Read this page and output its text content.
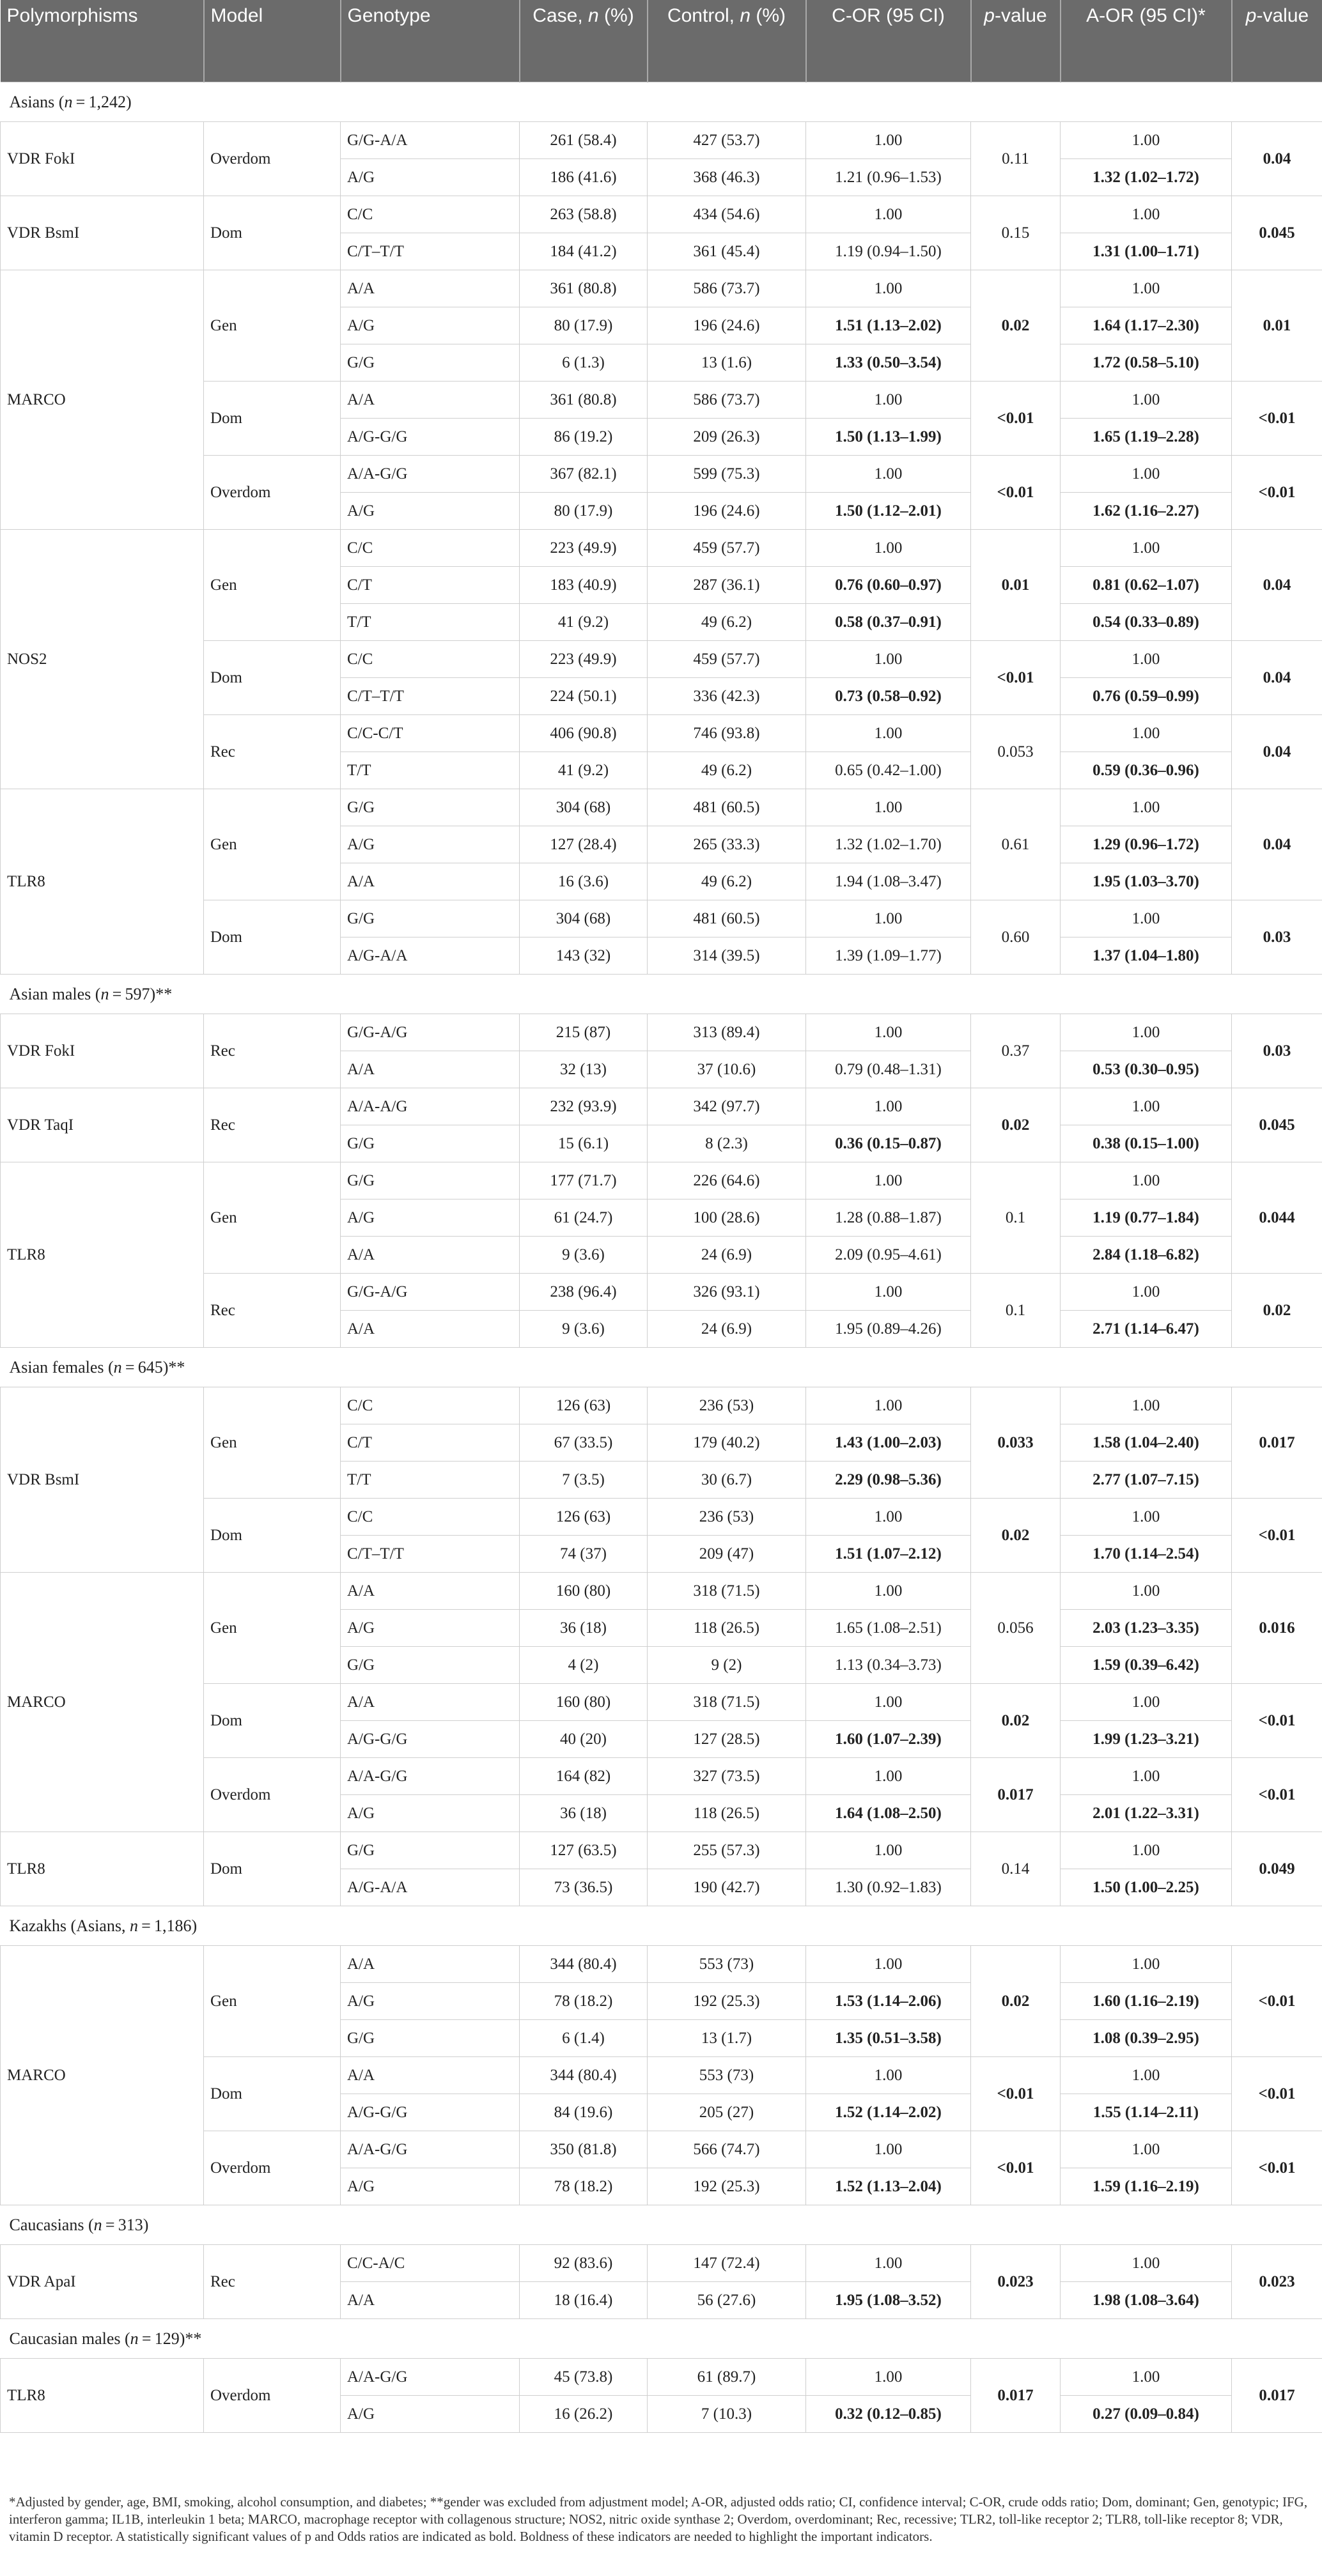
Polymorphisms	Model	Genotype	Case, n (%)	Control, n (%)	C-OR (95 CI)	p-value	A-OR (95 CI)*	p-value
Asians (n = 1,242)								
VDR FokI	Overdom	G/G-A/A	261 (58.4)	427 (53.7)	1.00	0.11	1.00	0.04
		A/G	186 (41.6)	368 (46.3)	1.21 (0.96–1.53)		1.32 (1.02–1.72)	
VDR BsmI	Dom	C/C	263 (58.8)	434 (54.6)	1.00	0.15	1.00	0.045
		C/T–T/T	184 (41.2)	361 (45.4)	1.19 (0.94–1.50)		1.31 (1.00–1.71)	
MARCO	Gen	A/A	361 (80.8)	586 (73.7)	1.00	0.02	1.00	0.01
		A/G	80 (17.9)	196 (24.6)	1.51 (1.13–2.02)		1.64 (1.17–2.30)	
		G/G	6 (1.3)	13 (1.6)	1.33 (0.50–3.54)		1.72 (0.58–5.10)	
	Dom	A/A	361 (80.8)	586 (73.7)	1.00	<0.01	1.00	<0.01
		A/G-G/G	86 (19.2)	209 (26.3)	1.50 (1.13–1.99)		1.65 (1.19–2.28)	
	Overdom	A/A-G/G	367 (82.1)	599 (75.3)	1.00	<0.01	1.00	<0.01
		A/G	80 (17.9)	196 (24.6)	1.50 (1.12–2.01)		1.62 (1.16–2.27)	
NOS2	Gen	C/C	223 (49.9)	459 (57.7)	1.00	0.01	1.00	0.04
		C/T	183 (40.9)	287 (36.1)	0.76 (0.60–0.97)		0.81 (0.62–1.07)	
		T/T	41 (9.2)	49 (6.2)	0.58 (0.37–0.91)		0.54 (0.33–0.89)	
	Dom	C/C	223 (49.9)	459 (57.7)	1.00	<0.01	1.00	0.04
		C/T–T/T	224 (50.1)	336 (42.3)	0.73 (0.58–0.92)		0.76 (0.59–0.99)	
	Rec	C/C-C/T	406 (90.8)	746 (93.8)	1.00	0.053	1.00	0.04
		T/T	41 (9.2)	49 (6.2)	0.65 (0.42–1.00)		0.59 (0.36–0.96)	
TLR8	Gen	G/G	304 (68)	481 (60.5)	1.00	0.61	1.00	0.04
		A/G	127 (28.4)	265 (33.3)	1.32 (1.02–1.70)		1.29 (0.96–1.72)	
		A/A	16 (3.6)	49 (6.2)	1.94 (1.08–3.47)		1.95 (1.03–3.70)	
	Dom	G/G	304 (68)	481 (60.5)	1.00	0.60	1.00	0.03
		A/G-A/A	143 (32)	314 (39.5)	1.39 (1.09–1.77)		1.37 (1.04–1.80)	
Asian males (n = 597)**								
VDR FokI	Rec	G/G-A/G	215 (87)	313 (89.4)	1.00	0.37	1.00	0.03
		A/A	32 (13)	37 (10.6)	0.79 (0.48–1.31)		0.53 (0.30–0.95)	
VDR TaqI	Rec	A/A-A/G	232 (93.9)	342 (97.7)	1.00	0.02	1.00	0.045
		G/G	15 (6.1)	8 (2.3)	0.36 (0.15–0.87)		0.38 (0.15–1.00)	
TLR8	Gen	G/G	177 (71.7)	226 (64.6)	1.00	0.1	1.00	0.044
		A/G	61 (24.7)	100 (28.6)	1.28 (0.88–1.87)		1.19 (0.77–1.84)	
		A/A	9 (3.6)	24 (6.9)	2.09 (0.95–4.61)		2.84 (1.18–6.82)	
	Rec	G/G-A/G	238 (96.4)	326 (93.1)	1.00	0.1	1.00	0.02
		A/A	9 (3.6)	24 (6.9)	1.95 (0.89–4.26)		2.71 (1.14–6.47)	
Asian females (n = 645)**								
VDR BsmI	Gen	C/C	126 (63)	236 (53)	1.00	0.033	1.00	0.017
		C/T	67 (33.5)	179 (40.2)	1.43 (1.00–2.03)		1.58 (1.04–2.40)	
		T/T	7 (3.5)	30 (6.7)	2.29 (0.98–5.36)		2.77 (1.07–7.15)	
	Dom	C/C	126 (63)	236 (53)	1.00	0.02	1.00	<0.01
		C/T–T/T	74 (37)	209 (47)	1.51 (1.07–2.12)		1.70 (1.14–2.54)	
MARCO	Gen	A/A	160 (80)	318 (71.5)	1.00	0.056	1.00	0.016
		A/G	36 (18)	118 (26.5)	1.65 (1.08–2.51)		2.03 (1.23–3.35)	
		G/G	4 (2)	9 (2)	1.13 (0.34–3.73)		1.59 (0.39–6.42)	
	Dom	A/A	160 (80)	318 (71.5)	1.00	0.02	1.00	<0.01
		A/G-G/G	40 (20)	127 (28.5)	1.60 (1.07–2.39)		1.99 (1.23–3.21)	
	Overdom	A/A-G/G	164 (82)	327 (73.5)	1.00	0.017	1.00	<0.01
		A/G	36 (18)	118 (26.5)	1.64 (1.08–2.50)		2.01 (1.22–3.31)	
TLR8	Dom	G/G	127 (63.5)	255 (57.3)	1.00	0.14	1.00	0.049
		A/G-A/A	73 (36.5)	190 (42.7)	1.30 (0.92–1.83)		1.50 (1.00–2.25)	
Kazakhs (Asians, n = 1,186)								
MARCO	Gen	A/A	344 (80.4)	553 (73)	1.00	0.02	1.00	<0.01
		A/G	78 (18.2)	192 (25.3)	1.53 (1.14–2.06)		1.60 (1.16–2.19)	
		G/G	6 (1.4)	13 (1.7)	1.35 (0.51–3.58)		1.08 (0.39–2.95)	
	Dom	A/A	344 (80.4)	553 (73)	1.00	<0.01	1.00	<0.01
		A/G-G/G	84 (19.6)	205 (27)	1.52 (1.14–2.02)		1.55 (1.14–2.11)	
	Overdom	A/A-G/G	350 (81.8)	566 (74.7)	1.00	<0.01	1.00	<0.01
		A/G	78 (18.2)	192 (25.3)	1.52 (1.13–2.04)		1.59 (1.16–2.19)	
Caucasians (n = 313)								
VDR ApaI	Rec	C/C-A/C	92 (83.6)	147 (72.4)	1.00	0.023	1.00	0.023
		A/A	18 (16.4)	56 (27.6)	1.95 (1.08–3.52)		1.98 (1.08–3.64)	
Caucasian males (n = 129)**								
TLR8	Overdom	A/A-G/G	45 (73.8)	61 (89.7)	1.00	0.017	1.00	0.017
		A/G	16 (26.2)	7 (10.3)	0.32 (0.12–0.85)		0.27 (0.09–0.84)	
*Adjusted by gender, age, BMI, smoking, alcohol consumption, and diabetes; **gender was excluded from adjustment model; A-OR, adjusted odds ratio; CI, confidence interval; C-OR, crude odds ratio; Dom, dominant; Gen, genotypic; IFG, interferon gamma; IL1B, interleukin 1 beta; MARCO, macrophage receptor with collagenous structure; NOS2, nitric oxide synthase 2; Overdom, overdominant; Rec, recessive; TLR2, toll-like receptor 2; TLR8, toll-like receptor 8; VDR, vitamin D receptor. A statistically significant values of p and Odds ratios are indicated as bold. Boldness of these indicators are needed to highlight the important indicators.
